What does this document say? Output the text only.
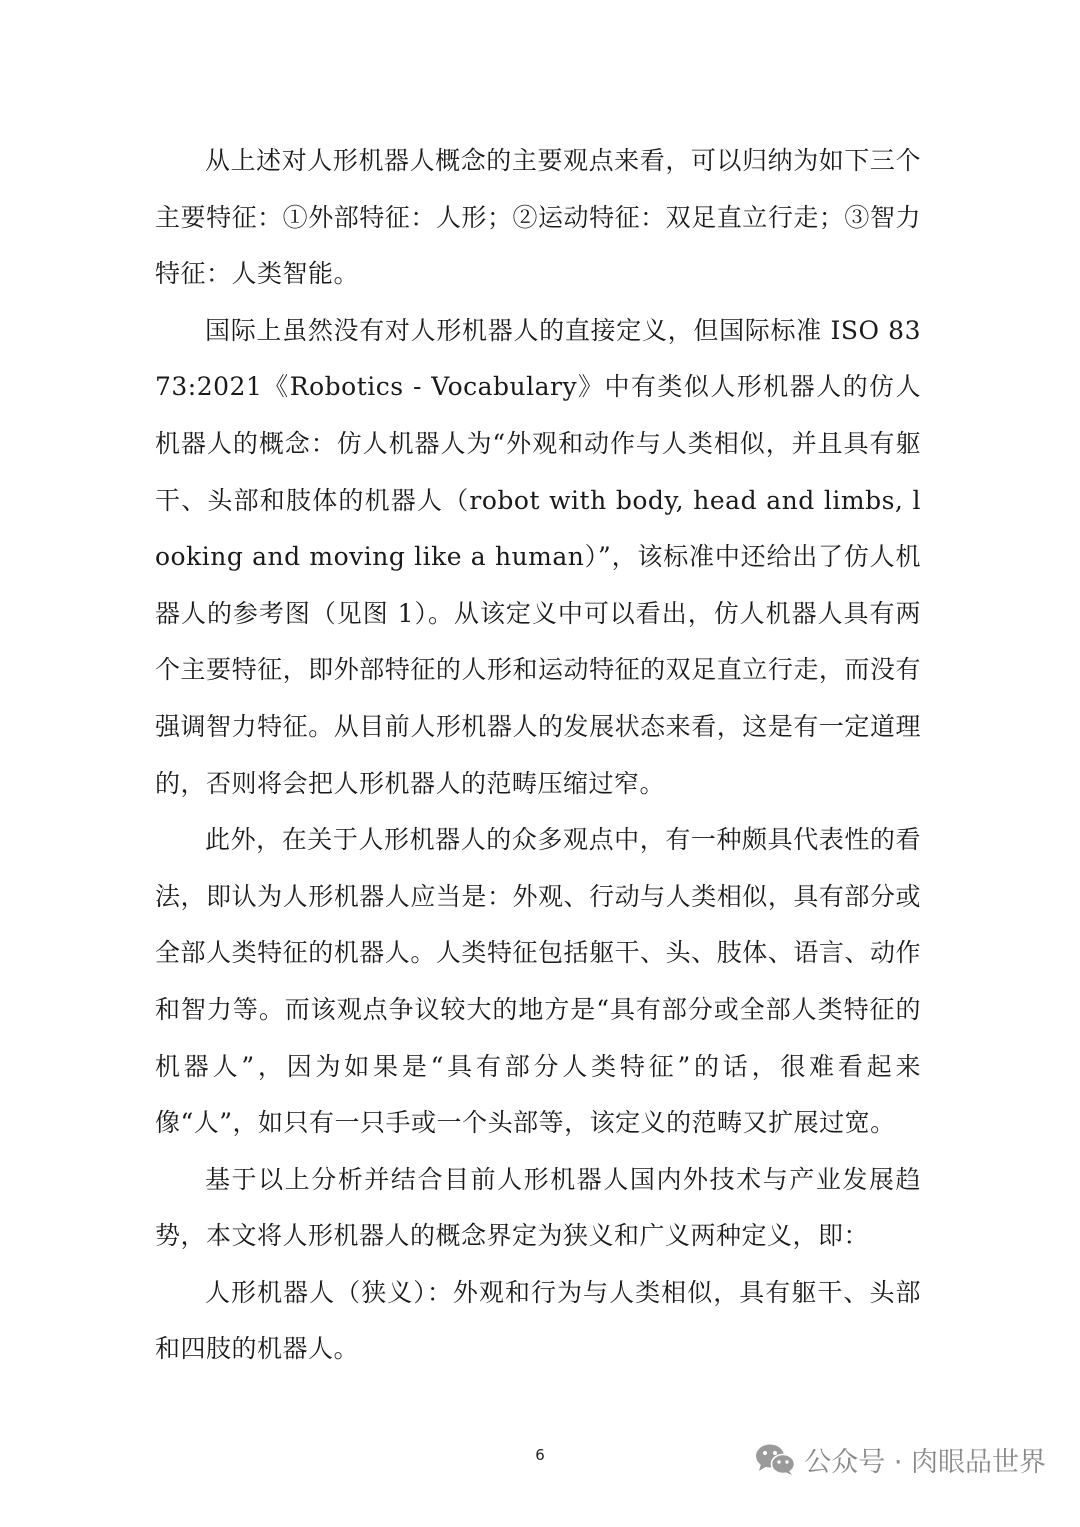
从上述对人形机器人概念的主要观点来看，可以归纳为如下三个主要特征：①外部特征：人形；②运动特征：双足直立行走；③智力特征：人类智能。

国际上虽然没有对人形机器人的直接定义，但国际标准 ISO 8373:2021《Robotics - Vocabulary》中有类似人形机器人的仿人机器人的概念：仿人机器人为“外观和动作与人类相似，并且具有躯干、头部和肢体的机器人（robot with body, head and limbs, looking and moving like a human）”，该标准中还给出了仿人机器人的参考图（见图 1）。从该定义中可以看出，仿人机器人具有两个主要特征，即外部特征的人形和运动特征的双足直立行走，而没有强调智力特征。从目前人形机器人的发展状态来看，这是有一定道理的，否则将会把人形机器人的范畴压缩过窄。

此外，在关于人形机器人的众多观点中，有一种颇具代表性的看法，即认为人形机器人应当是：外观、行动与人类相似，具有部分或全部人类特征的机器人。人类特征包括躯干、头、肢体、语言、动作和智力等。而该观点争议较大的地方是“具有部分或全部人类特征的机器人”，因为如果是“具有部分人类特征”的话，很难看起来像“人”，如只有一只手或一个头部等，该定义的范畴又扩展过宽。

基于以上分析并结合目前人形机器人国内外技术与产业发展趋势，本文将人形机器人的概念界定为狭义和广义两种定义，即：

人形机器人（狭义）：外观和行为与人类相似，具有躯干、头部和四肢的机器人。

6	公众号 · 肉眼品世界
